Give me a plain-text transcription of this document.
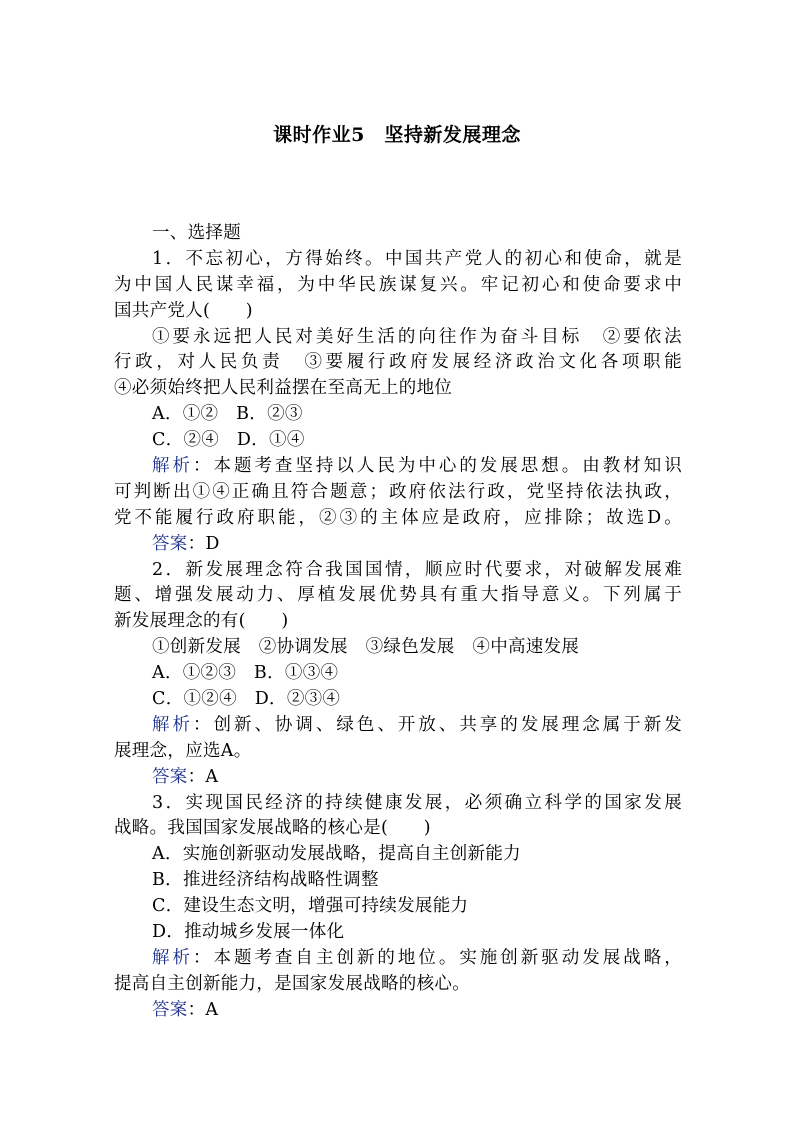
课时作业5　坚持新发展理念
一、选择题
1．不忘初心，方得始终。中国共产党人的初心和使命，就是
为中国人民谋幸福，为中华民族谋复兴。牢记初心和使命要求中
国共产党人(　　)
①要永远把人民对美好生活的向往作为奋斗目标　②要依法
行政，对人民负责　③要履行政府发展经济政治文化各项职能
④必须始终把人民利益摆在至高无上的地位
A．①②　B．②③
C．②④　D．①④
解析：本题考查坚持以人民为中心的发展思想。由教材知识
可判断出①④正确且符合题意；政府依法行政，党坚持依法执政，
党不能履行政府职能，②③的主体应是政府，应排除；故选D。
答案：D
2．新发展理念符合我国国情，顺应时代要求，对破解发展难
题、增强发展动力、厚植发展优势具有重大指导意义。下列属于
新发展理念的有(　　)
①创新发展　②协调发展　③绿色发展　④中高速发展
A．①②③　B．①③④
C．①②④　D．②③④
解析：创新、协调、绿色、开放、共享的发展理念属于新发
展理念，应选A。
答案：A
3．实现国民经济的持续健康发展，必须确立科学的国家发展
战略。我国国家发展战略的核心是(　　)
A．实施创新驱动发展战略，提高自主创新能力
B．推进经济结构战略性调整
C．建设生态文明，增强可持续发展能力
D．推动城乡发展一体化
解析：本题考查自主创新的地位。实施创新驱动发展战略，
提高自主创新能力，是国家发展战略的核心。
答案：A
